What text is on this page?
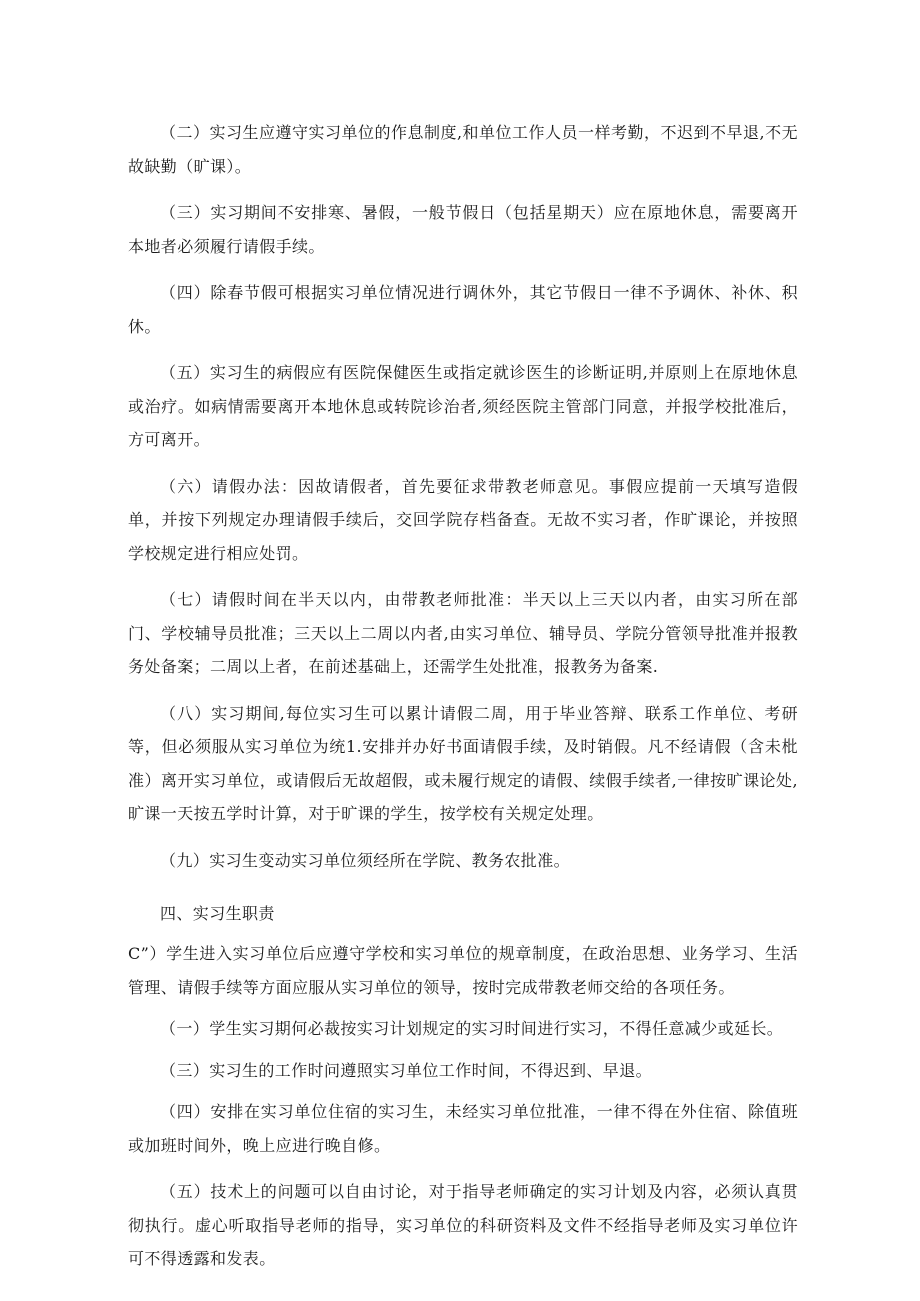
（二）实习生应遵守实习单位的作息制度,和单位工作人员一样考勤，不迟到不早退,不无故缺勤（旷课）。

（三）实习期间不安排寒、暑假，一般节假日（包括星期天）应在原地休息，需要离开本地者必须履行请假手续。

（四）除春节假可根据实习单位情况进行调休外，其它节假日一律不予调休、补休、积休。

（五）实习生的病假应有医院保健医生或指定就诊医生的诊断证明,并原则上在原地休息或治疗。如病情需要离开本地休息或转院诊治者,须经医院主管部门同意，并报学校批准后，方可离开。

（六）请假办法：因故请假者，首先要征求带教老师意见。事假应提前一天填写造假单，并按下列规定办理请假手续后，交回学院存档备查。无故不实习者，作旷课论，并按照学校规定进行相应处罚。

（七）请假时间在半天以内，由带教老师批准：半天以上三天以内者，由实习所在部门、学校辅导员批准；三天以上二周以内者,由实习单位、辅导员、学院分管领导批准并报教务处备案；二周以上者，在前述基础上，还需学生处批准，报教务为备案.

（八）实习期间,每位实习生可以累计请假二周，用于毕业答辩、联系工作单位、考研等，但必须服从实习单位为统1.安排并办好书面请假手续，及时销假。凡不经请假（含未枇准）离开实习单位，或请假后无故超假，或未履行规定的请假、续假手续者,一律按旷课论处,旷课一天按五学时计算，对于旷课的学生，按学校有关规定处理。

（九）实习生变动实习单位须经所在学院、教务农批准。

四、实习生职责

C”）学生进入实习单位后应遵守学校和实习单位的规章制度，在政治思想、业务学习、生活管理、请假手续等方面应服从实习单位的领导，按时完成带教老师交给的各项任务。

（一）学生实习期何必裁按实习计划规定的实习时间进行实习，不得任意减少或延长。

（三）实习生的工作时问遵照实习单位工作时间，不得迟到、早退。

（四）安排在实习单位住宿的实习生，未经实习单位批准，一律不得在外住宿、除值班或加班时间外，晚上应进行晚自修。

（五）技术上的问题可以自由讨论，对于指导老师确定的实习计划及内容，必须认真贯彻执行。虚心听取指导老师的指导，实习单位的科研资料及文件不经指导老师及实习单位许可不得透露和发表。
